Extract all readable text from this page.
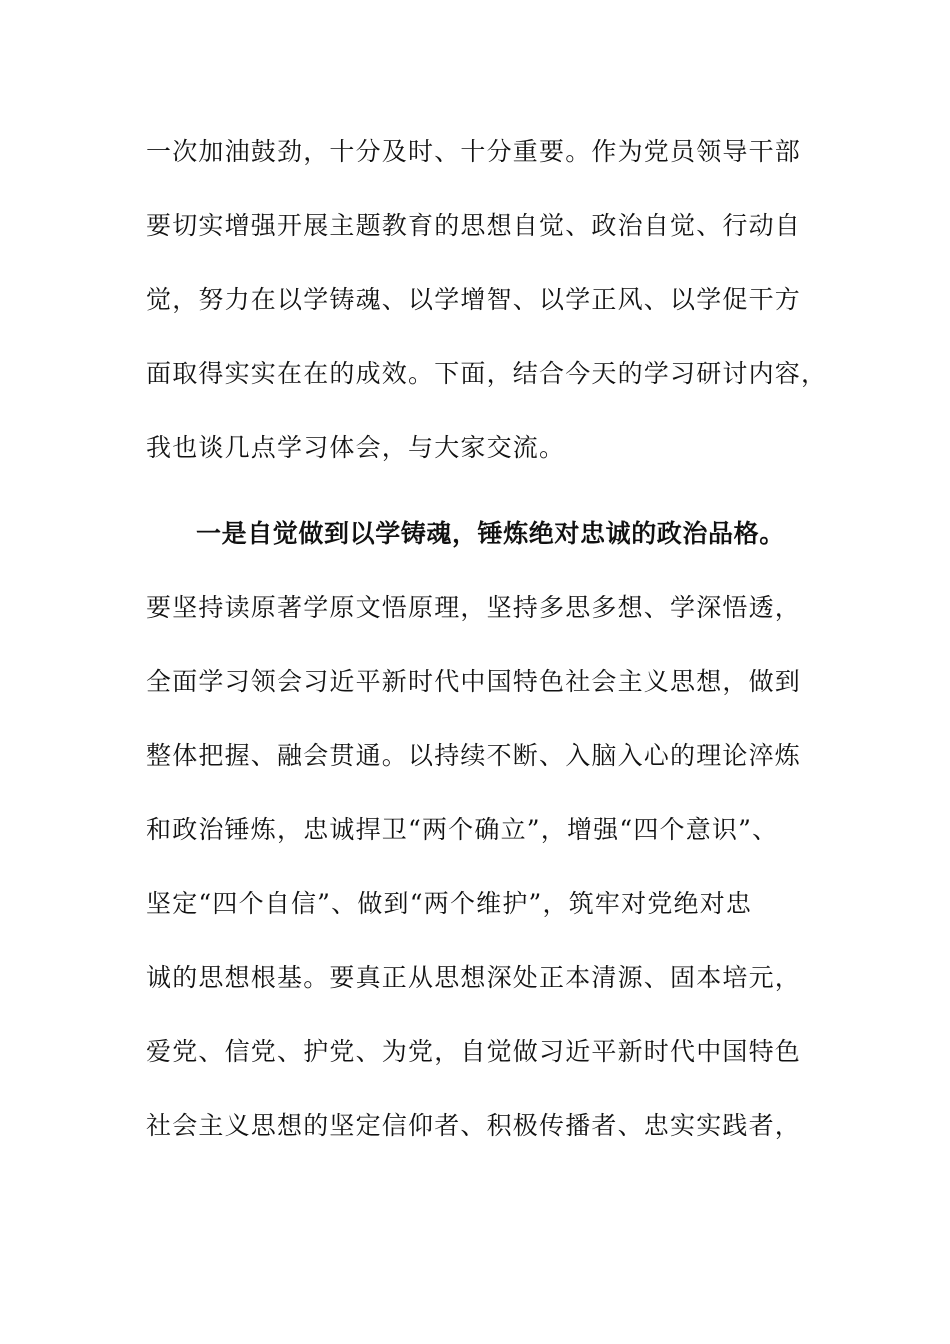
一次加油鼓劲，十分及时、十分重要。作为党员领导干部
要切实增强开展主题教育的思想自觉、政治自觉、行动自
觉，努力在以学铸魂、以学增智、以学正风、以学促干方
面取得实实在在的成效。下面，结合今天的学习研讨内容，
我也谈几点学习体会，与大家交流。
一是自觉做到以学铸魂，锤炼绝对忠诚的政治品格。
要坚持读原著学原文悟原理，坚持多思多想、学深悟透，
全面学习领会习近平新时代中国特色社会主义思想，做到
整体把握、融会贯通。以持续不断、入脑入心的理论淬炼
和政治锤炼，忠诚捍卫“两个确立”，增强“四个意识”、
坚定“四个自信”、做到“两个维护”，筑牢对党绝对忠
诚的思想根基。要真正从思想深处正本清源、固本培元，
爱党、信党、护党、为党，自觉做习近平新时代中国特色
社会主义思想的坚定信仰者、积极传播者、忠实实践者，
